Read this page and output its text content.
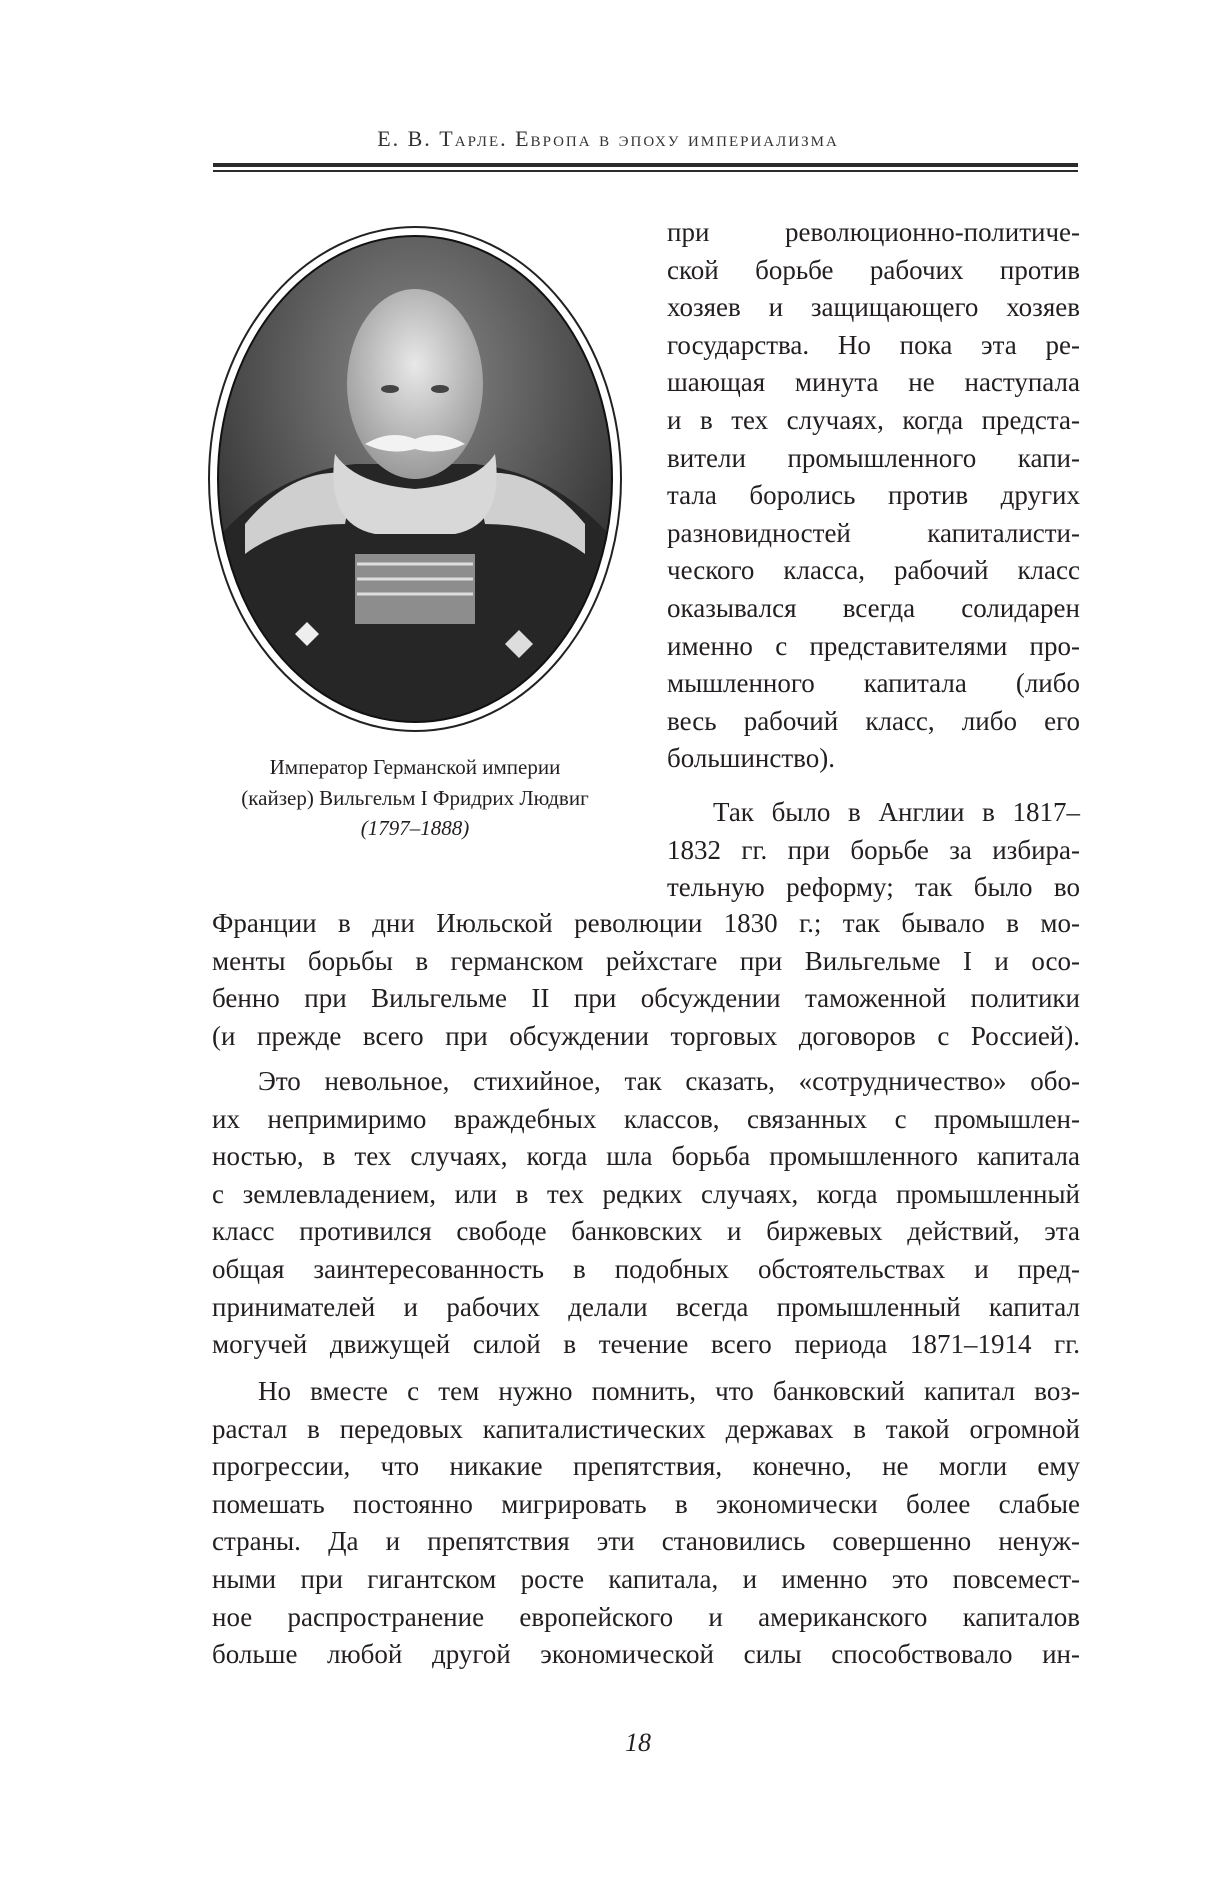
Е. В. Тарле. Европа в эпоху империализма
Император Германской империи
(кайзер) Вильгельм I Фридрих Людвиг
(1797–1888)
при революционно-политиче-
ской борьбе рабочих против
хозяев и защищающего хозяев
государства. Но пока эта ре-
шающая минута не наступала
и в тех случаях, когда предста-
вители промышленного капи-
тала боролись против других
разновидностей капиталисти-
ческого класса, рабочий класс
оказывался всегда солидарен
именно с представителями про-
мышленного капитала (либо
весь рабочий класс, либо его
большинство).
Так было в Англии в 1817–
1832 гг. при борьбе за избира-
тельную реформу; так было во
Франции в дни Июльской революции 1830 г.; так бывало в мо-
менты борьбы в германском рейхстаге при Вильгельме I и осо-
бенно при Вильгельме II при обсуждении таможенной политики
(и прежде всего при обсуждении торговых договоров с Россией).
Это невольное, стихийное, так сказать, «сотрудничество» обо-
их непримиримо враждебных классов, связанных с промышлен-
ностью, в тех случаях, когда шла борьба промышленного капитала
с землевладением, или в тех редких случаях, когда промышленный
класс противился свободе банковских и биржевых действий, эта
общая заинтересованность в подобных обстоятельствах и пред-
принимателей и рабочих делали всегда промышленный капитал
могучей движущей силой в течение всего периода 1871–1914 гг.
Но вместе с тем нужно помнить, что банковский капитал воз-
растал в передовых капиталистических державах в такой огромной
прогрессии, что никакие препятствия, конечно, не могли ему
помешать постоянно мигрировать в экономически более слабые
страны. Да и препятствия эти становились совершенно ненуж-
ными при гигантском росте капитала, и именно это повсемест-
ное распространение европейского и американского капиталов
больше любой другой экономической силы способствовало ин-
18
